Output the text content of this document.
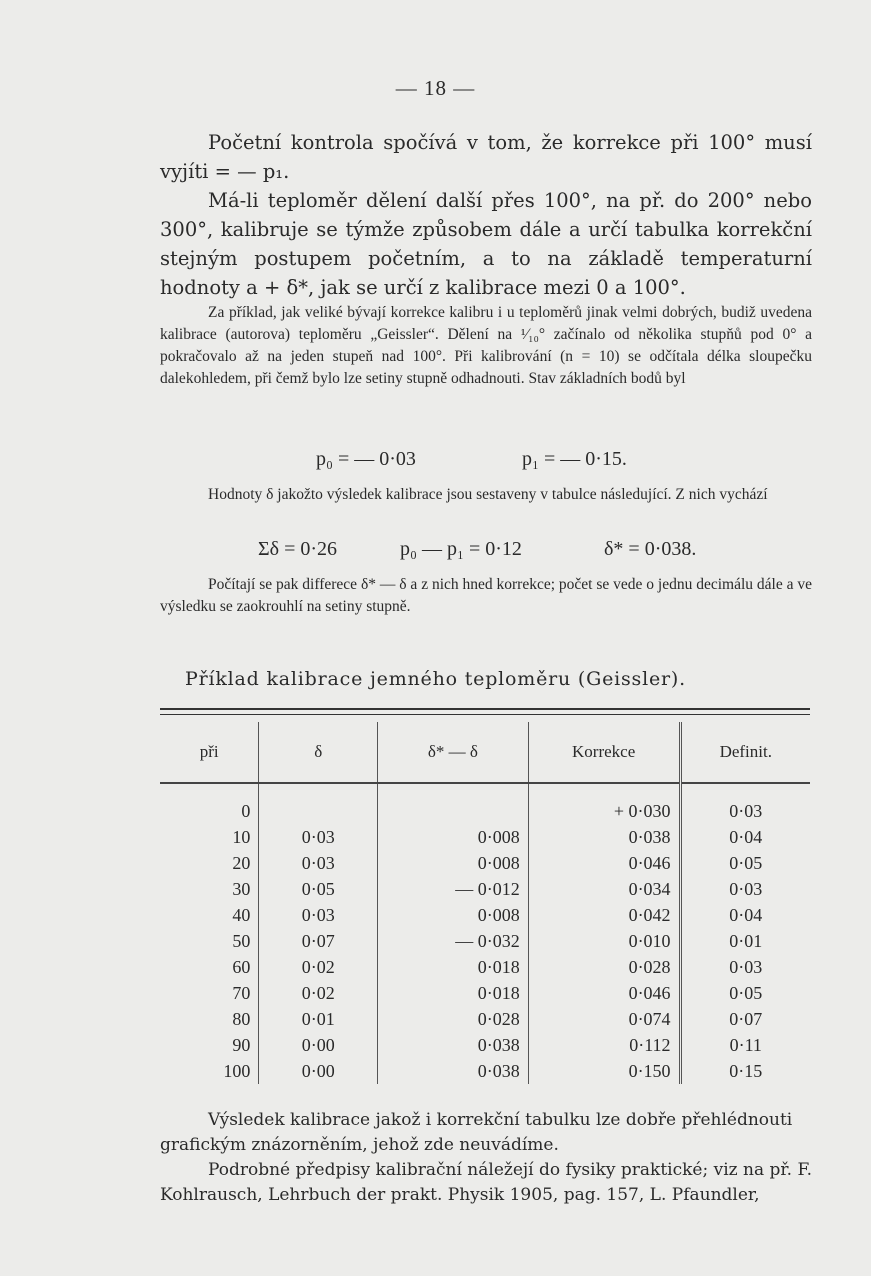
— 18 —

Početní kontrola spočívá v tom, že korrekce při 100° musí vyjíti = — p₁.

Má-li teploměr dělení další přes 100°, na př. do 200° nebo 300°, kalibruje se týmže způsobem dále a určí tabulka korrekční stejným postupem početním, a to na základě temperaturní hodnoty a + δ*, jak se určí z kalibrace mezi 0 a 100°.

Za příklad, jak veliké bývají korrekce kalibru i u teploměrů jinak velmi dobrých, budiž uvedena kalibrace (autorova) teploměru „Geissler“. Dělení na ¹⁄₁₀° začínalo od několika stupňů pod 0° a pokračovalo až na jeden stupeň nad 100°. Při kalibrování (n = 10) se odčítala délka sloupečku dalekohledem, při čemž bylo lze setiny stupně odhadnouti. Stav základních bodů byl

p₀ = — 0·03	p₁ = — 0·15.

Hodnoty δ jakožto výsledek kalibrace jsou sestaveny v tabulce následující. Z nich vychází

Σδ = 0·26	p₀ — p₁ = 0·12	δ* = 0·038.

Počítají se pak differece δ* — δ a z nich hned korrekce; počet se vede o jednu decimálu dále a ve výsledku se zaokrouhlí na setiny stupně.

Příklad kalibrace jemného teploměru (Geissler).
při	δ	δ* — δ	Korrekce	Definit.
0			+ 0·030	0·03
10	0·03	0·008	0·038	0·04
20	0·03	0·008	0·046	0·05
30	0·05	— 0·012	0·034	0·03
40	0·03	0·008	0·042	0·04
50	0·07	— 0·032	0·010	0·01
60	0·02	0·018	0·028	0·03
70	0·02	0·018	0·046	0·05
80	0·01	0·028	0·074	0·07
90	0·00	0·038	0·112	0·11
100	0·00	0·038	0·150	0·15

Výsledek kalibrace jakož i korrekční tabulku lze dobře přehlédnouti grafickým znázorněním, jehož zde neuvádíme.

Podrobné předpisy kalibrační náležejí do fysiky praktické; viz na př. F. Kohlrausch, Lehrbuch der prakt. Physik 1905, pag. 157, L. Pfaundler,
